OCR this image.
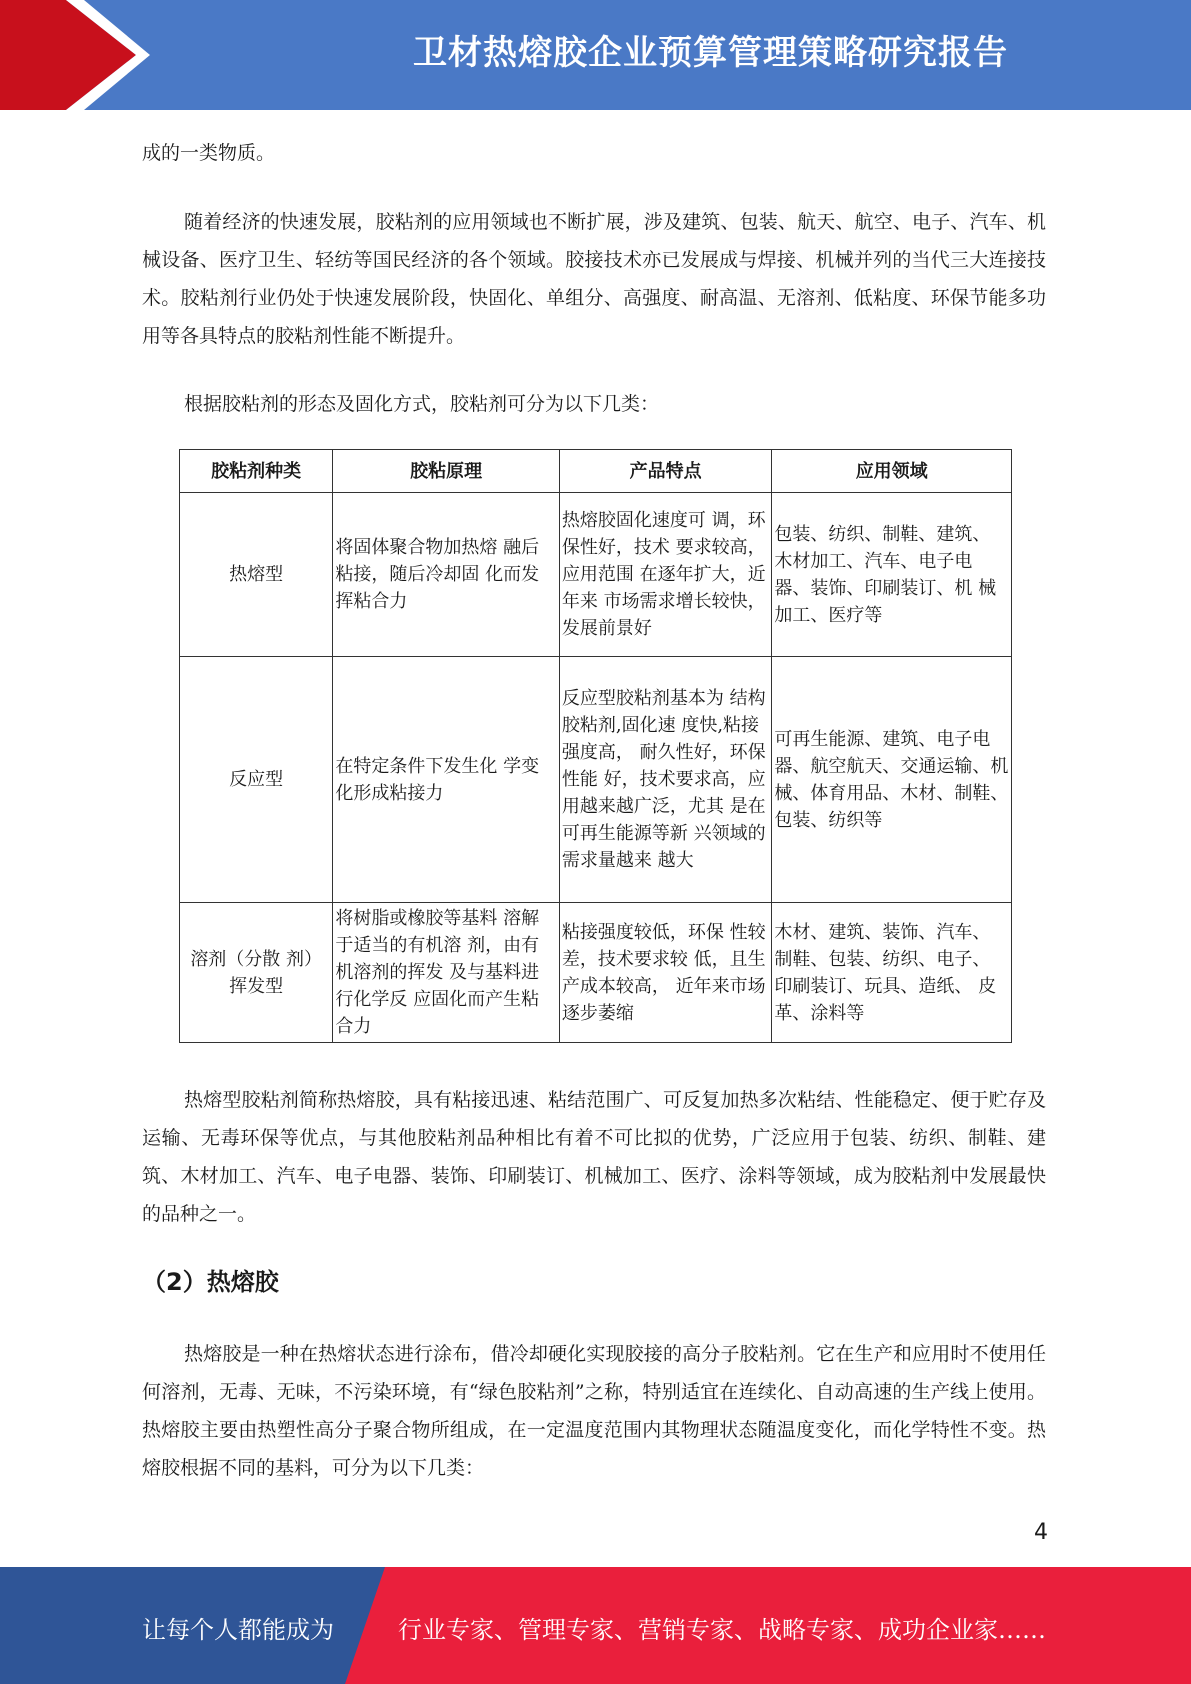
卫材热熔胶企业预算管理策略研究报告

成的一类物质。

随着经济的快速发展，胶粘剂的应用领域也不断扩展，涉及建筑、包装、航天、航空、电子、汽车、机械设备、医疗卫生、轻纺等国民经济的各个领域。胶接技术亦已发展成与焊接、机械并列的当代三大连接技术。胶粘剂行业仍处于快速发展阶段，快固化、单组分、高强度、耐高温、无溶剂、低粘度、环保节能多功用等各具特点的胶粘剂性能不断提升。

根据胶粘剂的形态及固化方式，胶粘剂可分为以下几类：

胶粘剂种类	胶粘原理	产品特点	应用领域
热熔型	将固体聚合物加热熔 融后粘接，随后冷却固 化而发挥粘合力	热熔胶固化速度可 调，环保性好，技术 要求较高，应用范围 在逐年扩大，近年来 市场需求增长较快， 发展前景好	包装、纺织、制鞋、建筑、 木材加工、汽车、电子电 器、装饰、印刷装订、机 械加工、医疗等
反应型	在特定条件下发生化 学变化形成粘接力	反应型胶粘剂基本为 结构胶粘剂,固化速 度快,粘接强度高， 耐久性好，环保性能 好，技术要求高，应 用越来越广泛，尤其 是在可再生能源等新 兴领域的需求量越来 越大	可再生能源、建筑、电子电器、航空航天、交通运输、机械、体育用品、木材、制鞋、包装、纺织等
溶剂（分散 剂）挥发型	将树脂或橡胶等基料 溶解于适当的有机溶 剂，由有机溶剂的挥发 及与基料进行化学反 应固化而产生粘合力	粘接强度较低，环保 性较差，技术要求较 低，且生产成本较高， 近年来市场逐步萎缩	木材、建筑、装饰、汽车、 制鞋、包装、纺织、电子、 印刷装订、玩具、造纸、 皮革、涂料等

热熔型胶粘剂简称热熔胶，具有粘接迅速、粘结范围广、可反复加热多次粘结、性能稳定、便于贮存及运输、无毒环保等优点，与其他胶粘剂品种相比有着不可比拟的优势，广泛应用于包装、纺织、制鞋、建筑、木材加工、汽车、电子电器、装饰、印刷装订、机械加工、医疗、涂料等领域，成为胶粘剂中发展最快的品种之一。

（2）热熔胶

热熔胶是一种在热熔状态进行涂布，借冷却硬化实现胶接的高分子胶粘剂。它在生产和应用时不使用任何溶剂，无毒、无味，不污染环境，有“绿色胶粘剂”之称，特别适宜在连续化、自动高速的生产线上使用。热熔胶主要由热塑性高分子聚合物所组成，在一定温度范围内其物理状态随温度变化，而化学特性不变。热熔胶根据不同的基料，可分为以下几类：

4
让每个人都能成为	行业专家、管理专家、营销专家、战略专家、成功企业家……
